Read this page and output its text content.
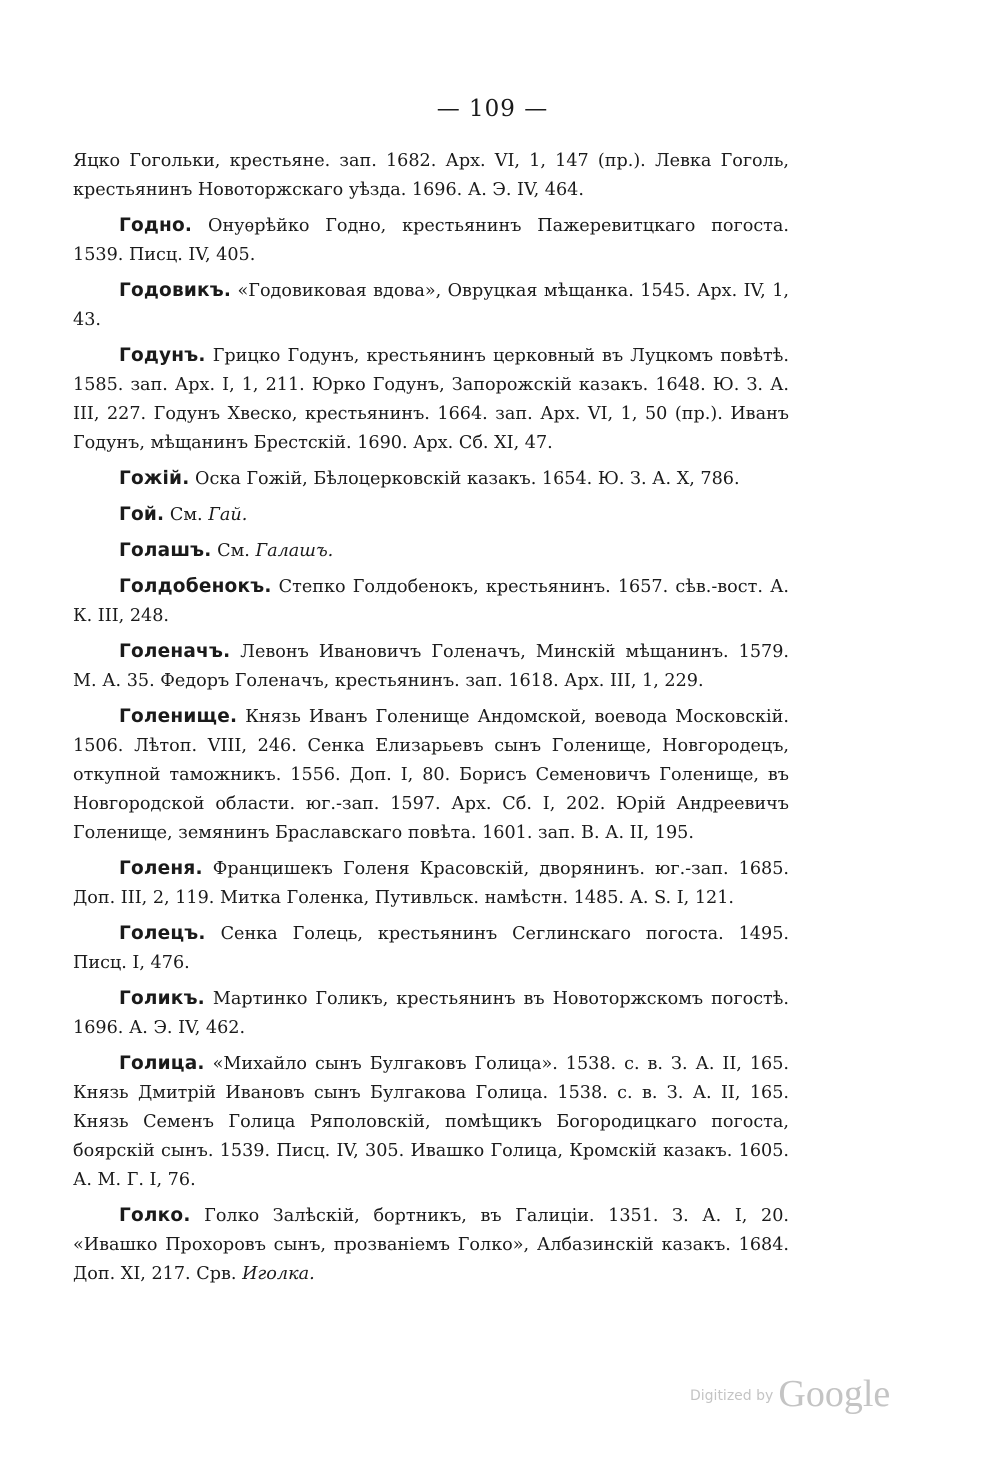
— 109 —

Яцко Гогольки, крестьяне. зап. 1682. Арх. VI, 1, 147 (пр.). Левка Гоголь, крестьянинъ Новоторжскаго уѣзда. 1696. А. Э. IV, 464.

Годно. Онуѳрѣйко Годно, крестьянинъ Пажеревитцкаго погоста. 1539. Писц. IV, 405.

Годовикъ. «Годовиковая вдова», Овруцкая мѣщанка. 1545. Арх. IV, 1, 43.

Годунъ. Грицко Годунъ, крестьянинъ церковный въ Луцкомъ повѣтѣ. 1585. зап. Арх. I, 1, 211. Юрко Годунъ, Запорожскій казакъ. 1648. Ю. З. А. III, 227. Годунъ Хвеско, крестьянинъ. 1664. зап. Арх. VI, 1, 50 (пр.). Иванъ Годунъ, мѣщанинъ Брестскій. 1690. Арх. Сб. XI, 47.

Гожій. Оска Гожій, Бѣлоцерковскій казакъ. 1654. Ю. З. А. X, 786.

Гой. См. Гай.

Голашъ. См. Галашъ.

Голдобенокъ. Степко Голдобенокъ, крестьянинъ. 1657. сѣв.-вост. А. К. III, 248.

Голеначъ. Левонъ Ивановичъ Голеначъ, Минскій мѣщанинъ. 1579. М. А. 35. Федоръ Голеначъ, крестьянинъ. зап. 1618. Арх. III, 1, 229.

Голенище. Князь Иванъ Голенище Андомской, воевода Московскій. 1506. Лѣтоп. VIII, 246. Сенка Елизарьевъ сынъ Голенище, Новгородецъ, откупной таможникъ. 1556. Доп. I, 80. Борисъ Семеновичъ Голенище, въ Новгородской области. юг.-зап. 1597. Арх. Сб. I, 202. Юрій Андреевичъ Голенище, земянинъ Браславскаго повѣта. 1601. зап. В. А. II, 195.

Голеня. Францишекъ Голеня Красовскій, дворянинъ. юг.-зап. 1685. Доп. III, 2, 119. Митка Голенка, Путивльск. намѣстн. 1485. А. S. I, 121.

Голецъ. Сенка Голець, крестьянинъ Сеглинскаго погоста. 1495. Писц. I, 476.

Голикъ. Мартинко Голикъ, крестьянинъ въ Новоторжскомъ погостѣ. 1696. А. Э. IV, 462.

Голица. «Михайло сынъ Булгаковъ Голица». 1538. с. в. З. А. II, 165. Князь Дмитрій Ивановъ сынъ Булгакова Голица. 1538. с. в. З. А. II, 165. Князь Семенъ Голица Ряполовскій, помѣщикъ Богородицкаго погоста, боярскій сынъ. 1539. Писц. IV, 305. Ивашко Голица, Кромскій казакъ. 1605. А. М. Г. I, 76.

Голко. Голко Залѣскій, бортникъ, въ Галиціи. 1351. З. А. I, 20. «Ивашко Прохоровъ сынъ, прозваніемъ Голко», Албазинскій казакъ. 1684. Доп. XI, 217. Срв. Иголка.

Digitized by Google
